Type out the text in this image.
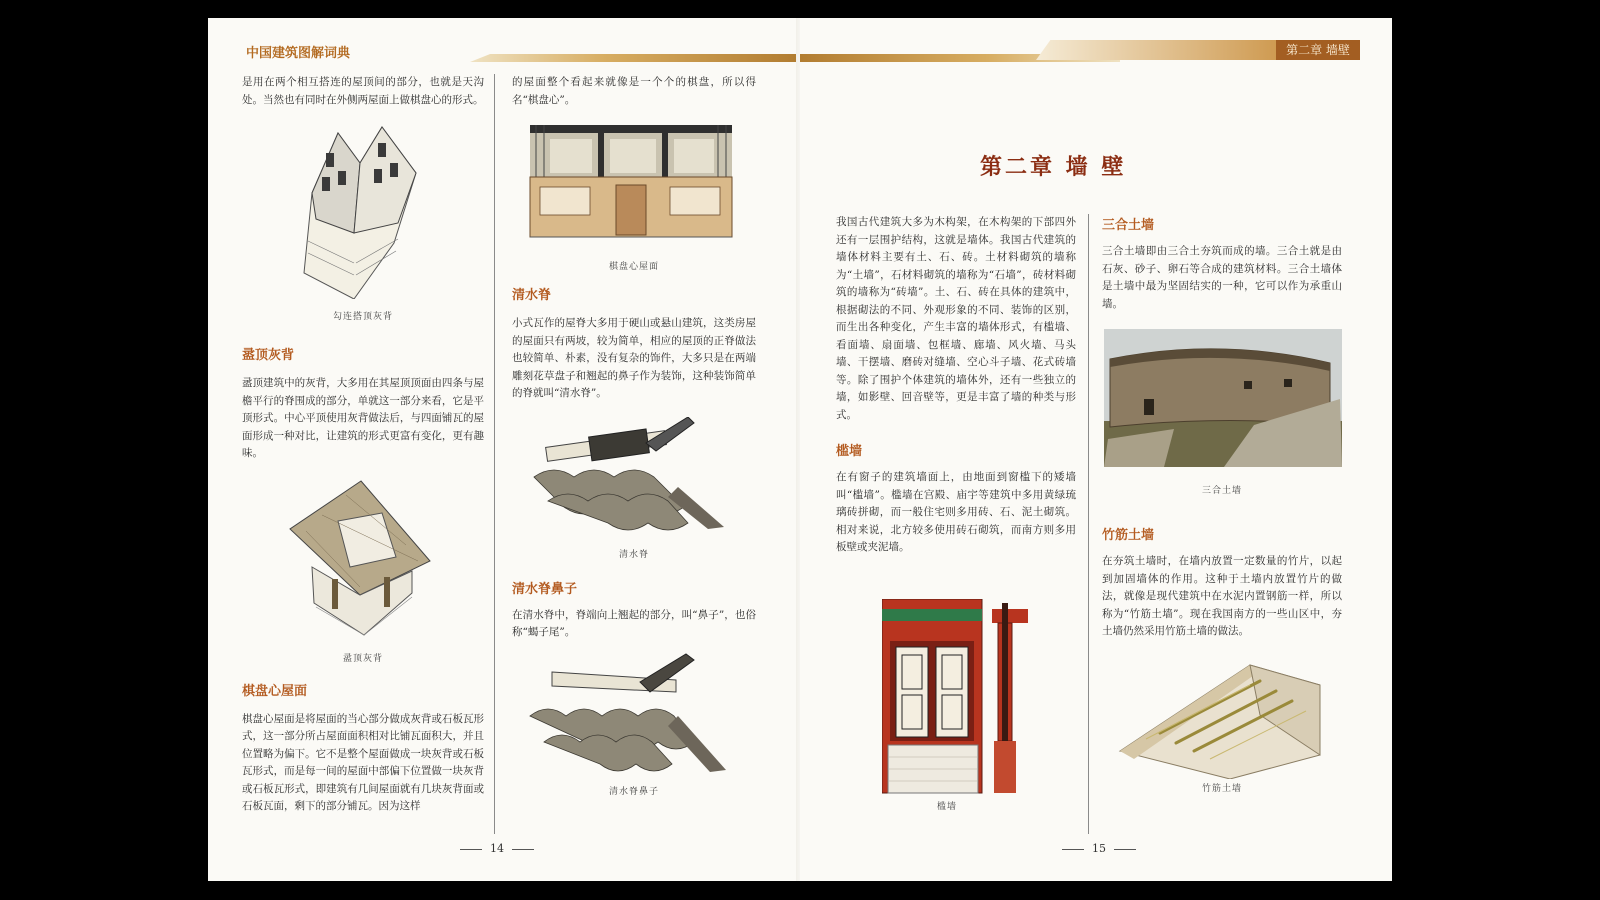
中国建筑图解词典

是用在两个相互搭连的屋顶间的部分，也就是天沟处。当然也有同时在外侧两屋面上做棋盘心的形式。

勾连搭顶灰背

盝顶灰背

盝顶建筑中的灰背，大多用在其屋顶顶面由四条与屋檐平行的脊围成的部分，单就这一部分来看，它是平顶形式。中心平顶使用灰背做法后，与四面铺瓦的屋面形成一种对比，让建筑的形式更富有变化，更有趣味。

盝顶灰背

棋盘心屋面

棋盘心屋面是将屋面的当心部分做成灰背或石板瓦形式，这一部分所占屋面面积相对比铺瓦面积大，并且位置略为偏下。它不是整个屋面做成一块灰背或石板瓦形式，而是每一间的屋面中部偏下位置做一块灰背或石板瓦形式，即建筑有几间屋面就有几块灰背面或石板瓦面，剩下的部分铺瓦。因为这样

的屋面整个看起来就像是一个个的棋盘，所以得名“棋盘心”。

棋盘心屋面

清水脊

小式瓦作的屋脊大多用于硬山或悬山建筑，这类房屋的屋面只有两坡，较为简单，相应的屋顶的正脊做法也较简单、朴素，没有复杂的饰件，大多只是在两端雕刻花草盘子和翘起的鼻子作为装饰，这种装饰简单的脊就叫“清水脊”。

清水脊

清水脊鼻子

在清水脊中，脊端向上翘起的部分，叫“鼻子”，也俗称“蝎子尾”。

清水脊鼻子
14
第二章 墙壁
第二章 墙 壁

我国古代建筑大多为木构架，在木构架的下部四外还有一层围护结构，这就是墙体。我国古代建筑的墙体材料主要有土、石、砖。土材料砌筑的墙称为“土墙”，石材料砌筑的墙称为“石墙”，砖材料砌筑的墙称为“砖墙”。土、石、砖在具体的建筑中，根据砌法的不同、外观形象的不同、装饰的区别，而生出各种变化，产生丰富的墙体形式，有槛墙、看面墙、扇面墙、包框墙、廊墙、风火墙、马头墙、干摆墙、磨砖对缝墙、空心斗子墙、花式砖墙等。除了围护个体建筑的墙体外，还有一些独立的墙，如影壁、回音壁等，更是丰富了墙的种类与形式。

槛墙

在有窗子的建筑墙面上，由地面到窗槛下的矮墙叫“槛墙”。槛墙在宫殿、庙宇等建筑中多用黄绿琉璃砖拼砌，而一般住宅则多用砖、石、泥土砌筑。相对来说，北方较多使用砖石砌筑，而南方则多用板壁或夹泥墙。

槛墙

三合土墙

三合土墙即由三合土夯筑而成的墙。三合土就是由石灰、砂子、卵石等合成的建筑材料。三合土墙体是土墙中最为坚固结实的一种，它可以作为承重山墙。

三合土墙

竹筋土墙

在夯筑土墙时，在墙内放置一定数量的竹片，以起到加固墙体的作用。这种于土墙内放置竹片的做法，就像是现代建筑中在水泥内置钢筋一样，所以称为“竹筋土墙”。现在我国南方的一些山区中，夯土墙仍然采用竹筋土墙的做法。

竹筋土墙
15
